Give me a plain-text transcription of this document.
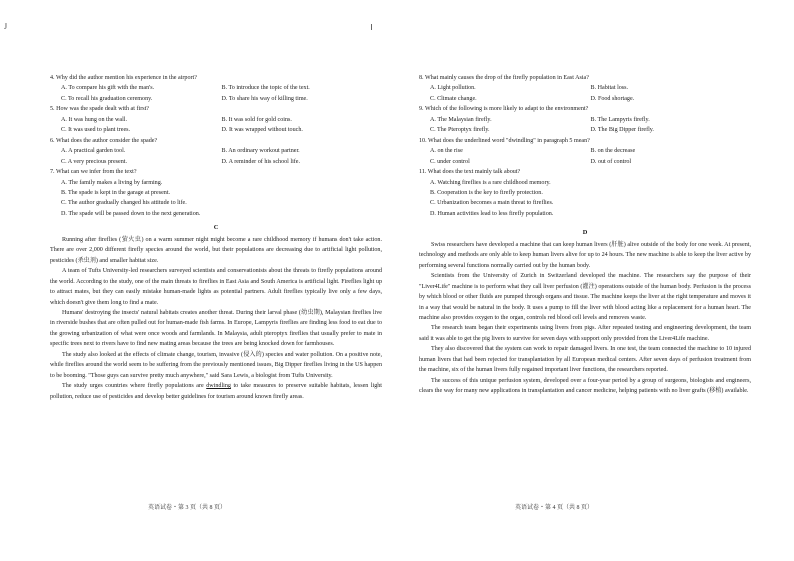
J
4. Why did the author mention his experience in the airport?
A. To compare his gift with the man's.	B. To introduce the topic of the text.
C. To recall his graduation ceremony.	D. To share his way of killing time.
5. How was the spade dealt with at first?
A. It was hung on the wall.	B. It was sold for gold coins.
C. It was used to plant trees.	D. It was wrapped without touch.
6. What does the author consider the spade?
A. A practical garden tool.	B. An ordinary workout partner.
C. A very precious present.	D. A reminder of his school life.
7. What can we infer from the text?
A. The family makes a living by farming.
B. The spade is kept in the garage at present.
C. The author gradually changed his attitude to life.
D. The spade will be passed down to the next generation.
C

Running after fireflies (萤火虫) on a warm summer night might become a rare childhood memory if humans don't take action. There are over 2,000 different firefly species around the world, but their populations are decreasing due to artificial light pollution, pesticides (杀虫剂) and smaller habitat size.

A team of Tufts University-led researchers surveyed scientists and conservationists about the threats to firefly populations around the world. According to the study, one of the main threats to fireflies in East Asia and South America is artificial light. Fireflies light up to attract mates, but they can easily mistake human-made lights as potential partners. Adult fireflies typically live only a few days, which doesn't give them long to find a mate.

Humans' destroying the insects' natural habitats creates another threat. During their larval phase (幼虫期), Malaysian fireflies live in riverside bushes that are often pulled out for human-made fish farms. In Europe, Lampyris fireflies are finding less food to eat due to the growing urbanization of what were once woods and farmlands. In Malaysia, adult pteroptyx fireflies that usually prefer to mate in specific trees next to rivers have to find new mating areas because the trees are being knocked down for farmhouses.

The study also looked at the effects of climate change, tourism, invasive (侵入的) species and water pollution. On a positive note, while fireflies around the world seem to be suffering from the previously mentioned issues, Big Dipper fireflies living in the US happen to be booming. "Those guys can survive pretty much anywhere," said Sara Lewis, a biologist from Tufts University.

The study urges countries where firefly populations are dwindling to take measures to preserve suitable habitats, lessen light pollution, reduce use of pesticides and develop better guidelines for tourism around known firefly areas.

英语试卷・第 3 页（共 8 页）
8. What mainly causes the drop of the firefly population in East Asia?
A. Light pollution.	B. Habitat loss.
C. Climate change.	D. Food shortage.
9. Which of the following is more likely to adapt to the environment?
A. The Malaysian firefly.	B. The Lampyris firefly.
C. The Pteroptyx firefly.	D. The Big Dipper firefly.
10. What does the underlined word "dwindling" in paragraph 5 mean?
A. on the rise	B. on the decrease
C. under control	D. out of control
11. What does the text mainly talk about?
A. Watching fireflies is a rare childhood memory.
B. Cooperation is the key to firefly protection.
C. Urbanization becomes a main threat to fireflies.
D. Human activities lead to less firefly population.
D

Swiss researchers have developed a machine that can keep human livers (肝脏) alive outside of the body for one week. At present, technology and methods are only able to keep human livers alive for up to 24 hours. The new machine is able to keep the liver active by performing several functions normally carried out by the human body.

Scientists from the University of Zurich in Switzerland developed the machine. The researchers say the purpose of their "Liver4Life" machine is to perform what they call liver perfusion (灌注) operations outside of the human body. Perfusion is the process by which blood or other fluids are pumped through organs and tissue. The machine keeps the liver at the right temperature and moves it in a way that would be natural in the body. It uses a pump to fill the liver with blood acting like a replacement for a human heart. The machine also provides oxygen to the organ, controls red blood cell levels and removes waste.

The research team began their experiments using livers from pigs. After repeated testing and engineering development, the team said it was able to get the pig livers to survive for seven days with support only provided from the Liver4Life machine.

They also discovered that the system can work to repair damaged livers. In one test, the team connected the machine to 10 injured human livers that had been rejected for transplantation by all European medical centers. After seven days of perfusion treatment from the machine, six of the human livers fully regained important liver functions, the researchers reported.

The success of this unique perfusion system, developed over a four-year period by a group of surgeons, biologists and engineers, clears the way for many new applications in transplantation and cancer medicine, helping patients with no liver grafts (移植) available.

英语试卷・第 4 页（共 8 页）
